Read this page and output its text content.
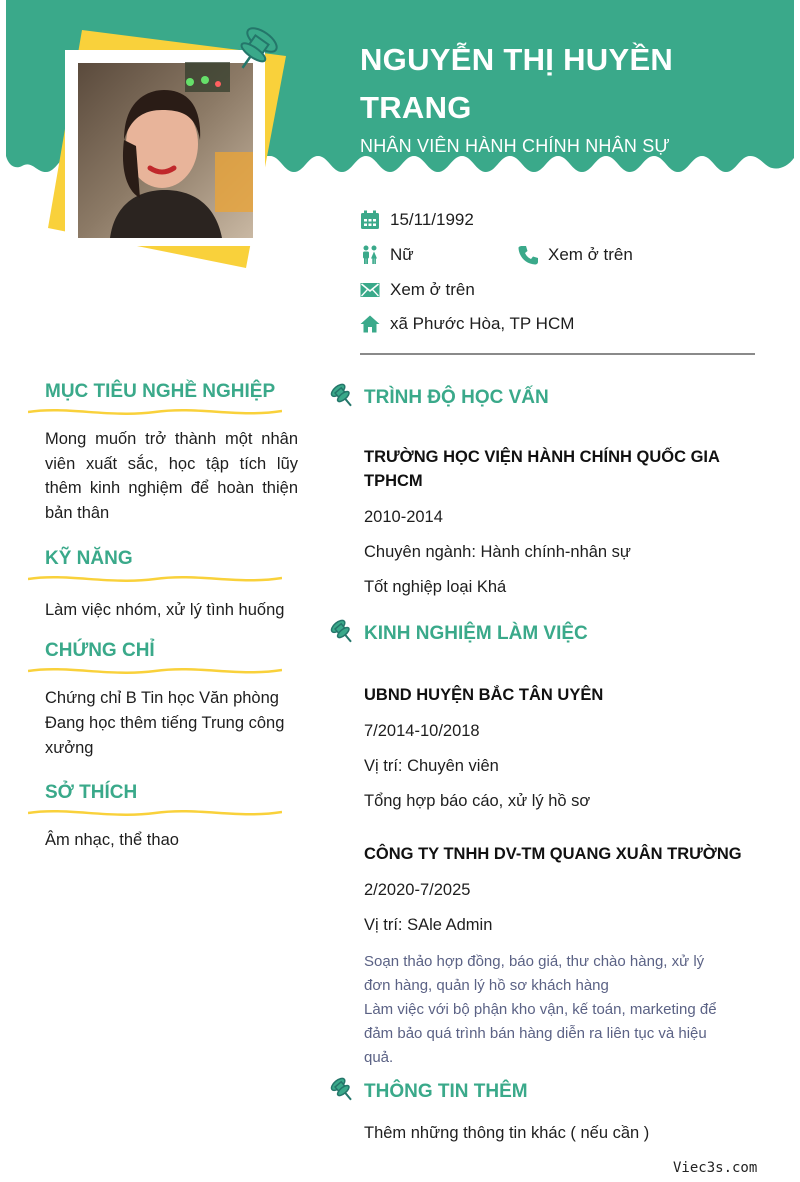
NGUYỄN THỊ HUYỀN TRANG
NHÂN VIÊN HÀNH CHÍNH NHÂN SỰ
15/11/1992
Nữ	Xem ở trên
Xem ở trên
xã Phước Hòa, TP HCM
MỤC TIÊU NGHỀ NGHIỆP
Mong muốn trở thành một nhân viên xuất sắc, học tập tích lũy thêm kinh nghiệm để hoàn thiện bản thân
KỸ NĂNG
Làm việc nhóm, xử lý tình huống
CHỨNG CHỈ
Chứng chỉ B Tin học Văn phòng
Đang học thêm tiếng Trung công xưởng
SỞ THÍCH
Âm nhạc, thể thao
TRÌNH ĐỘ HỌC VẤN
TRƯỜNG HỌC VIỆN HÀNH CHÍNH QUỐC GIA TPHCM
2010-2014
Chuyên ngành: Hành chính-nhân sự
Tốt nghiệp loại Khá
KINH NGHIỆM LÀM VIỆC
UBND HUYỆN BẮC TÂN UYÊN
7/2014-10/2018
Vị trí: Chuyên viên
Tổng hợp báo cáo, xử lý hồ sơ
CÔNG TY TNHH DV-TM QUANG XUÂN TRƯỜNG
2/2020-7/2025
Vị trí: SAle Admin
Soạn thảo hợp đồng, báo giá, thư chào hàng, xử lý đơn hàng, quản lý hồ sơ khách hàng
Làm việc với bộ phận kho vận, kế toán, marketing để đảm bảo quá trình bán hàng diễn ra liên tục và hiệu quả.
THÔNG TIN THÊM
Thêm những thông tin khác ( nếu cần )
Viec3s.com
